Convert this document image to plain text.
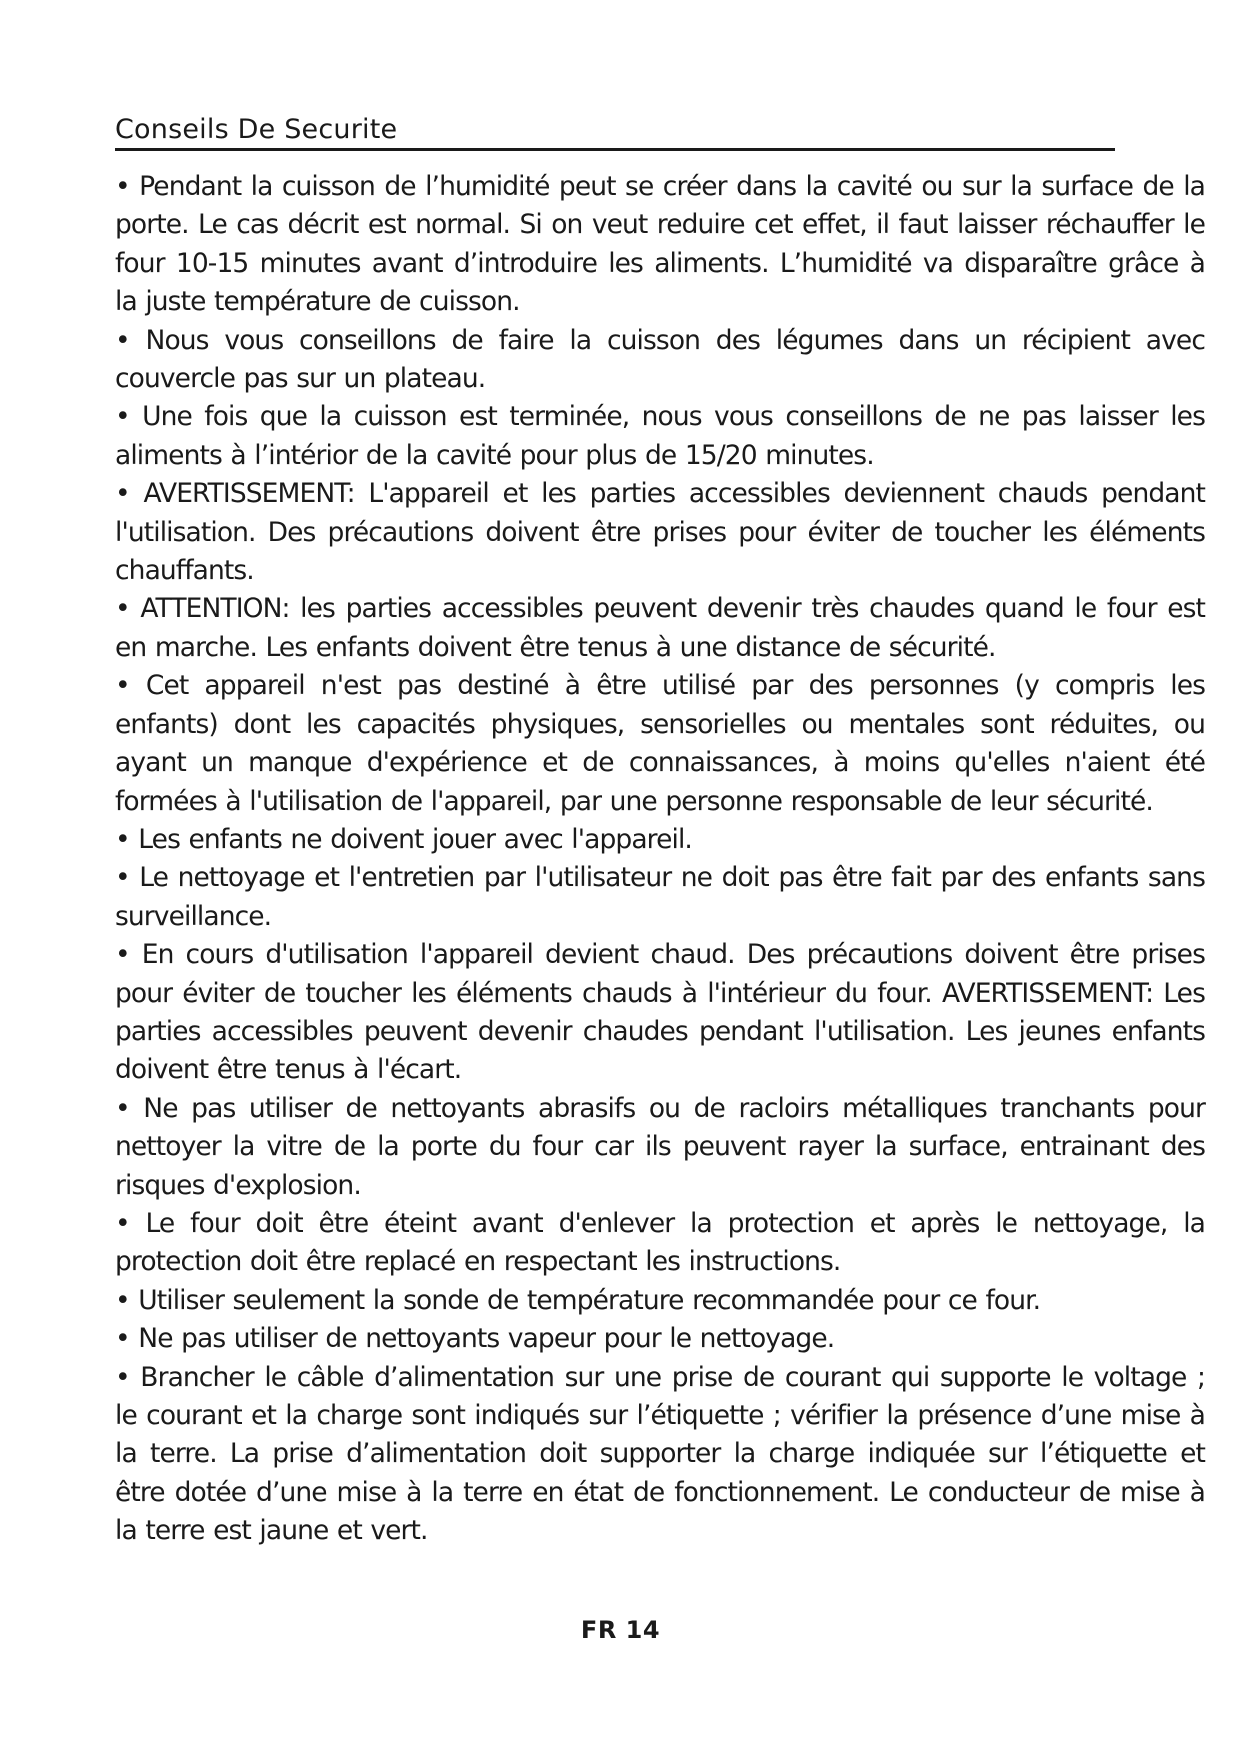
Conseils De Securite

• Pendant la cuisson de l’humidité peut se créer dans la cavité ou sur la surface de la porte. Le cas décrit est normal. Si on veut reduire cet effet, il faut laisser réchauffer le four 10-15 minutes avant d’introduire les aliments. L’humidité va disparaître grâce à la juste température de cuisson.

• Nous vous conseillons de faire la cuisson des légumes dans un récipient avec couvercle pas sur un plateau.

• Une fois que la cuisson est terminée, nous vous conseillons de ne pas laisser les aliments à l’intérior de la cavité pour plus de 15/20 minutes.

• AVERTISSEMENT: L'appareil et les parties accessibles deviennent chauds pendant l'utilisation. Des précautions doivent être prises pour éviter de toucher les éléments chauffants.

• ATTENTION: les parties accessibles peuvent devenir très chaudes quand le four est en marche. Les enfants doivent être tenus à une distance de sécurité.

• Cet appareil n'est pas destiné à être utilisé par des personnes (y compris les enfants) dont les capacités physiques, sensorielles ou mentales sont réduites, ou ayant un manque d'expérience et de connaissances, à moins qu'elles n'aient été formées à l'utilisation de l'appareil, par une personne responsable de leur sécurité.

• Les enfants ne doivent jouer avec l'appareil.

• Le nettoyage et l'entretien par l'utilisateur ne doit pas être fait par des enfants sans surveillance.

• En cours d'utilisation l'appareil devient chaud. Des précautions doivent être prises pour éviter de toucher les éléments chauds à l'intérieur du four. AVERTISSEMENT: Les parties accessibles peuvent devenir chaudes pendant l'utilisation. Les jeunes enfants doivent être tenus à l'écart.

• Ne pas utiliser de nettoyants abrasifs ou de racloirs métalliques tranchants pour nettoyer la vitre de la porte du four car ils peuvent rayer la surface, entrainant des risques d'explosion.

• Le four doit être éteint avant d'enlever la protection et après le nettoyage, la protection doit être replacé en respectant les instructions.

• Utiliser seulement la sonde de température recommandée pour ce four.

• Ne pas utiliser de nettoyants vapeur pour le nettoyage.

• Brancher le câble d’alimentation sur une prise de courant qui supporte le voltage ; le courant et la charge sont indiqués sur l’étiquette ; vérifier la présence d’une mise à la terre. La prise d’alimentation doit supporter la charge indiquée sur l’étiquette et être dotée d’une mise à la terre en état de fonctionnement. Le conducteur de mise à la terre est jaune et vert.

FR 14
